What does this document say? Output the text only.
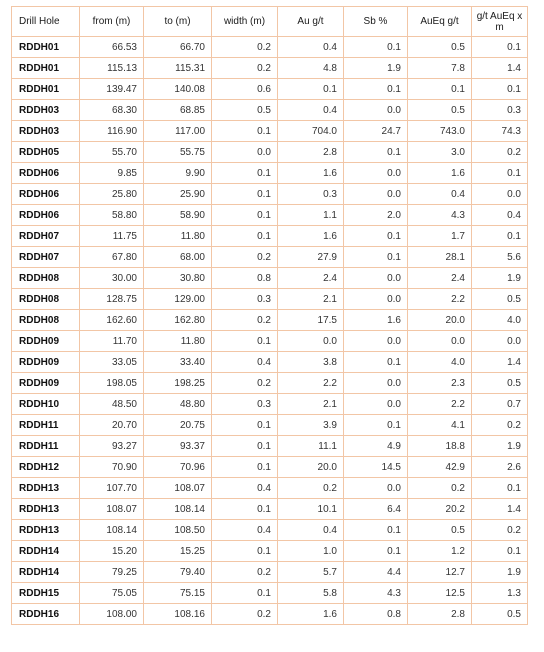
Drill Hole	from (m)	to (m)	width (m)	Au g/t	Sb %	AuEq g/t	g/t AuEq x m
RDDH01	66.53	66.70	0.2	0.4	0.1	0.5	0.1
RDDH01	115.13	115.31	0.2	4.8	1.9	7.8	1.4
RDDH01	139.47	140.08	0.6	0.1	0.1	0.1	0.1
RDDH03	68.30	68.85	0.5	0.4	0.0	0.5	0.3
RDDH03	116.90	117.00	0.1	704.0	24.7	743.0	74.3
RDDH05	55.70	55.75	0.0	2.8	0.1	3.0	0.2
RDDH06	9.85	9.90	0.1	1.6	0.0	1.6	0.1
RDDH06	25.80	25.90	0.1	0.3	0.0	0.4	0.0
RDDH06	58.80	58.90	0.1	1.1	2.0	4.3	0.4
RDDH07	11.75	11.80	0.1	1.6	0.1	1.7	0.1
RDDH07	67.80	68.00	0.2	27.9	0.1	28.1	5.6
RDDH08	30.00	30.80	0.8	2.4	0.0	2.4	1.9
RDDH08	128.75	129.00	0.3	2.1	0.0	2.2	0.5
RDDH08	162.60	162.80	0.2	17.5	1.6	20.0	4.0
RDDH09	11.70	11.80	0.1	0.0	0.0	0.0	0.0
RDDH09	33.05	33.40	0.4	3.8	0.1	4.0	1.4
RDDH09	198.05	198.25	0.2	2.2	0.0	2.3	0.5
RDDH10	48.50	48.80	0.3	2.1	0.0	2.2	0.7
RDDH11	20.70	20.75	0.1	3.9	0.1	4.1	0.2
RDDH11	93.27	93.37	0.1	11.1	4.9	18.8	1.9
RDDH12	70.90	70.96	0.1	20.0	14.5	42.9	2.6
RDDH13	107.70	108.07	0.4	0.2	0.0	0.2	0.1
RDDH13	108.07	108.14	0.1	10.1	6.4	20.2	1.4
RDDH13	108.14	108.50	0.4	0.4	0.1	0.5	0.2
RDDH14	15.20	15.25	0.1	1.0	0.1	1.2	0.1
RDDH14	79.25	79.40	0.2	5.7	4.4	12.7	1.9
RDDH15	75.05	75.15	0.1	5.8	4.3	12.5	1.3
RDDH16	108.00	108.16	0.2	1.6	0.8	2.8	0.5
